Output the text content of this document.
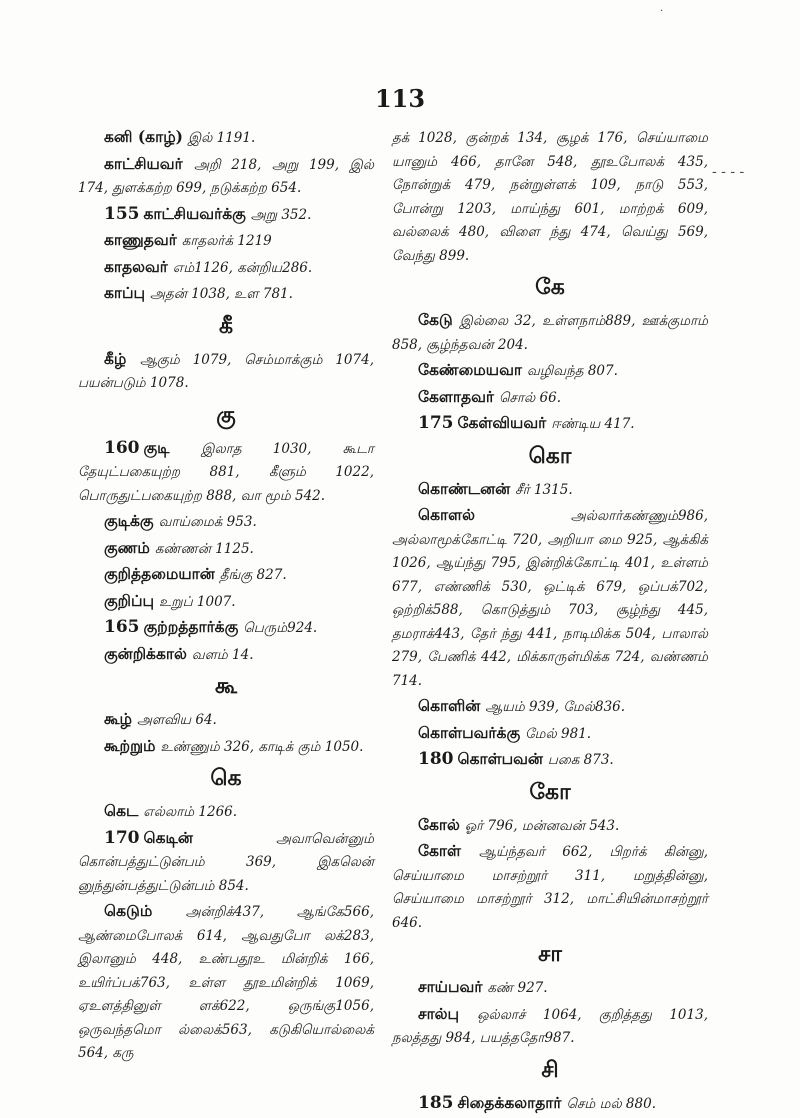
113

கனி (காழ்) இல் 1191.

காட்சியவர் அறி 218, அறு 199, இல் 174, துளக்கற்ற 699, நடுக்கற்ற 654.

155 காட்சியவர்க்கு அறு 352.

காணுதவர் காதலர்க் 1219

காதலவர் எம்1126, கன்றிய286.

காப்பு அதன் 1038, உள 781.

கீ

கீழ் ஆகும் 1079, செம்மாக்கும் 1074, பயன்படும் 1078.

கு

160 குடி இலாத 1030, கூடா தேயுட்பகையுற்ற 881, கீளும் 1022, பொருதுட்பகையுற்ற 888, வா மூம் 542.

குடிக்கு வாய்மைக் 953.

குணம் கண்ணன் 1125.

குறித்தமையான் தீங்கு 827.

குறிப்பு உறுப் 1007.

165 குற்றத்தார்க்கு பெரும்924.

குன்றிக்கால் வளம் 14.

கூ

கூழ் அளவிய 64.

கூற்றும் உண்ணும் 326, காடிக் கும் 1050.

கெ

கெட எல்லாம் 1266.

170 கெடின்	அவாவென்னும் கொன்பத்துட்டுன்பம் 369, இகலென் னுந்துன்பத்துட்டுன்பம் 854.

கெடும் அன்றிக்437, ஆங்கே566, ஆண்மைபோலக் 614, ஆவதுபோ லக்283, இலானும் 448, உண்பதூஉ மின்றிக் 166, உயிர்ப்பக்763, உள்ள தூஉமின்றிக் 1069, ஏஉளத்தினுள் ளக்622, ஒருங்கு1056, ஒருவந்தமொ ல்லைக்563, கடுகியொல்லைக் 564, கரு

தக் 1028, குன்றக் 134, சூழக் 176, செய்யாமை யானும் 466, தானே 548, தூஉபோலக் 435, நோன்றுக் 479, நன்றுள்ளக் 109, நாடு 553, போன்று 1203, மாய்ந்து 601, மாற்றக் 609, வல்லைக் 480, விளை ந்து 474, வெய்து 569, வேந்து 899.

கே

கேடு இல்லை 32, உள்ளநாம்889, ஊக்குமாம் 858, சூழ்ந்தவன் 204.

கேண்மையவா வழிவந்த 807.

கேளாதவர் சொல் 66.

175 கேள்வியவர் ஈண்டிய 417.

கொ

கொண்டனன் சீர் 1315.

கொளல்	அல்லார்கண்ணும்986, அல்லாமூக்கோட்டி 720, அறியா மை 925, ஆக்கிக் 1026, ஆய்ந்து 795, இன்றிக்கோட்டி 401, உள்ளம் 677, எண்ணிக் 530, ஒட்டிக் 679, ஒப்பக்702, ஒற்றிக்588, கொடுத்தும் 703, சூழ்ந்து 445, தமராக்443, தேர் ந்து 441, நாடிமிக்க 504, பாலால் 279, பேணிக் 442, மிக்காருள்மிக்க 724, வண்ணம் 714.

கொளின் ஆயம் 939, மேல்836.

கொள்பவர்க்கு மேல் 981.

180 கொள்பவன் பகை 873.

கோ

கோல் ஓர் 796, மன்னவன் 543.

கோள் ஆய்ந்தவர் 662, பிறர்க் கின்னு, செய்யாமை மாசற்றூர் 311, மறுத்தின்னு, செய்யாமை மாசற்றூர் 312, மாட்சியின்மாசற்றூர் 646.

சா

சாய்பவர் கண் 927.

சால்பு ஒல்லாச் 1064, குறித்தது 1013, நலத்தது 984, பயத்ததோ987.

சி

185 சிதைக்கலாதார் செம் மல் 880.

- - - -
·
